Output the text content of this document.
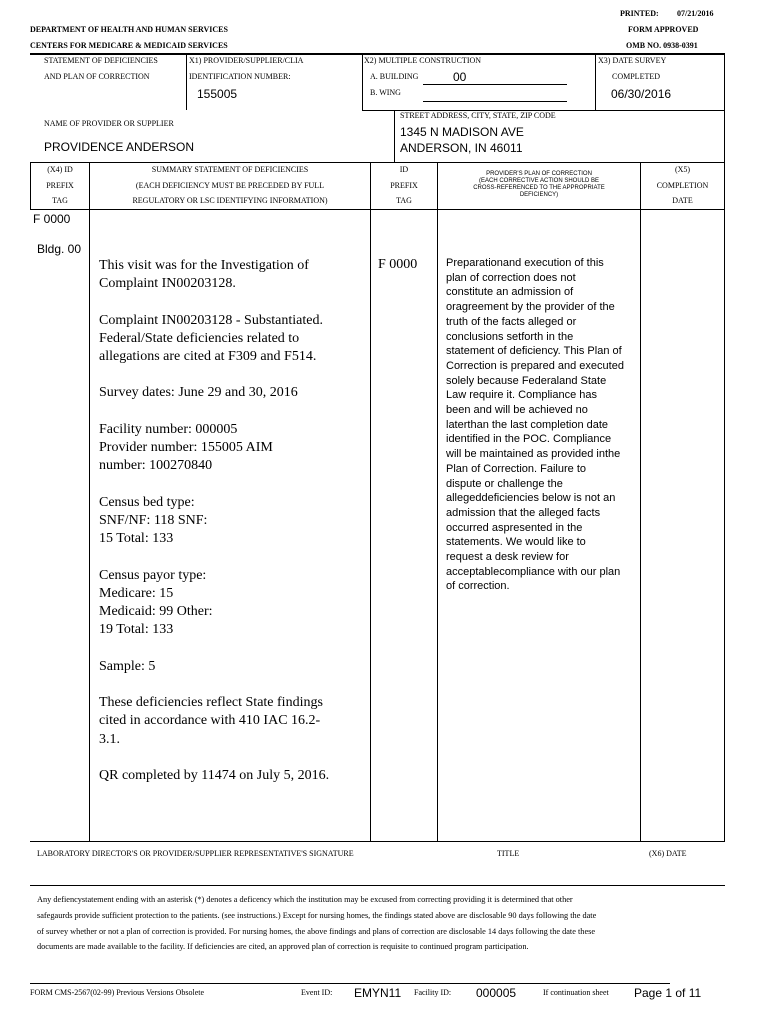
PRINTED: 07/21/2016
DEPARTMENT OF HEALTH AND HUMAN SERVICES	FORM APPROVED
CENTERS FOR MEDICARE & MEDICAID SERVICES	OMB NO. 0938-0391
STATEMENT OF DEFICIENCIES
AND PLAN OF CORRECTION
X1) PROVIDER/SUPPLIER/CLIA
IDENTIFICATION NUMBER:
155005
X2) MULTIPLE CONSTRUCTION
A. BUILDING	00
B. WING
X3) DATE SURVEY
COMPLETED
06/30/2016
NAME OF PROVIDER OR SUPPLIER
PROVIDENCE ANDERSON
STREET ADDRESS, CITY, STATE, ZIP CODE
1345 N MADISON AVE
ANDERSON, IN 46011
(X4) ID
PREFIX
TAG
SUMMARY STATEMENT OF DEFICIENCIES
(EACH DEFICIENCY MUST BE PRECEDED BY FULL
REGULATORY OR LSC IDENTIFYING INFORMATION)
ID
PREFIX
TAG
PROVIDER'S PLAN OF CORRECTION
(EACH CORRECTIVE ACTION SHOULD BE
CROSS-REFERENCED TO THE APPROPRIATE
DEFICIENCY)
(X5)
COMPLETION
DATE
F 0000
Bldg. 00

This visit was for the Investigation of Complaint IN00203128.

Complaint IN00203128 - Substantiated. Federal/State deficiencies related to allegations are cited at F309 and F514.

Survey dates: June 29 and 30, 2016

Facility number: 000005 Provider number: 155005 AIM number: 100270840

Census bed type: SNF/NF: 118 SNF: 15 Total: 133

Census payor type: Medicare: 15 Medicaid: 99 Other: 19 Total: 133

Sample: 5

These deficiencies reflect State findings cited in accordance with 410 IAC 16.2-3.1.

QR completed by 11474 on July 5, 2016.

F 0000	Preparationand execution of this plan of correction does not constitute an admission of oragreement by the provider of the truth of the facts alleged or conclusions setforth in the statement of deficiency. This Plan of Correction is prepared and executed solely because Federaland State Law require it. Compliance has been and will be achieved no laterthan the last completion date identified in the POC. Compliance will be maintained as provided inthe Plan of Correction. Failure to dispute or challenge the allegeddeficiencies below is not an admission that the alleged facts occurred aspresented in the statements. We would like to request a desk review for acceptablecompliance with our plan of correction.
LABORATORY DIRECTOR'S OR PROVIDER/SUPPLIER REPRESENTATIVE'S SIGNATURE	TITLE	(X6) DATE
Any defiencystatement ending with an asterisk (*) denotes a deficency which the institution may be excused from correcting providing it is determined that other safegaurds provide sufficient protection to the patients. (see instructions.) Except for nursing homes, the findings stated above are disclosable 90 days following the date of survey whether or not a plan of correction is provided. For nursing homes, the above findings and plans of correction are disclosable 14 days following the date these documents are made available to the facility. If deficiencies are cited, an approved plan of correction is requisite to continued program participation.
FORM CMS-2567(02-99) Previous Versions Obsolete	Event ID: EMYN11 Facility ID: 000005	If continuation sheet Page 1 of 11
